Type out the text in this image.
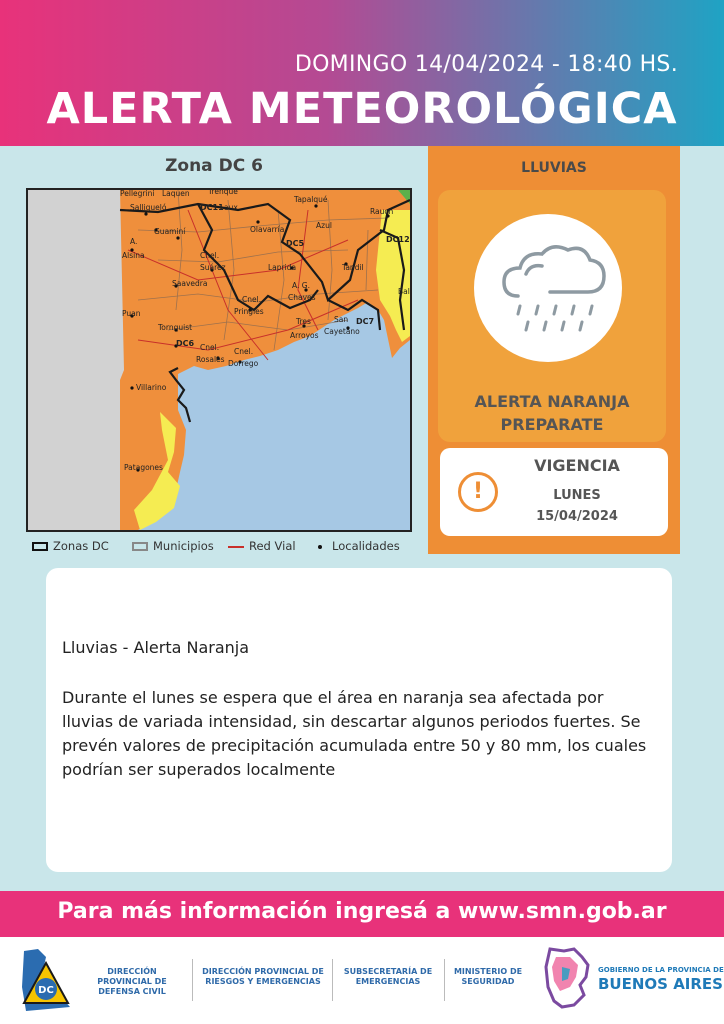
DOMINGO 14/04/2024 - 18:40 HS.
ALERTA METEOROLÓGICA
Zona DC 6
Pellegrini Laquen Trenque
Tapalqué
Rauch
Salliqueló	DC11 aux
Guaminí	Olavarría	Azul
DC12
A.
Alsina	Cnel.
Suárez
DC5
Laprida	Tandil
Saavedra	A. G.
Chaves
Bal
Puan
Cnel.
Pringles
Tornquist
Tres
Arroyos
San
Cayetano
DC7
DC6 Cnel.
Rosales
Cnel.
Dorrego
Villarino
Patagones
Zonas DC	Municipios	Red Vial	Localidades
LLUVIAS
ALERTA NARANJA
PREPARATE
!
VIGENCIA
LUNES
15/04/2024
Lluvias - Alerta Naranja
Durante el lunes se espera que el área en naranja sea afectada por lluvias de variada intensidad, sin descartar algunos periodos fuertes. Se prevén valores de precipitación acumulada entre 50 y 80 mm, los cuales podrían ser superados localmente
Para más información ingresá a www.smn.gob.ar
DC
DIRECCIÓN PROVINCIAL DE DEFENSA CIVIL
DIRECCIÓN PROVINCIAL DE RIESGOS Y EMERGENCIAS
SUBSECRETARÍA DE EMERGENCIAS
MINISTERIO DE SEGURIDAD
GOBIERNO DE LA PROVINCIA DE
BUENOS AIRES
